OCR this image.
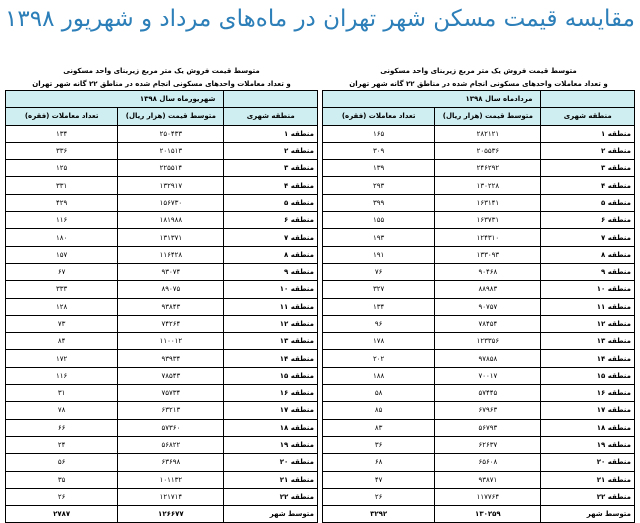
مقایسه قیمت مسکن شهر تهران در ماه‌های مرداد و شهریور ۱۳۹۸
متوسط قیمت فروش یک متر مربع زیربنای واحد مسکونی
و تعداد معاملات واحدهای مسکونی انجام شده در مناطق ۲۲ گانه شهر تهران
	مردادماه سال ۱۳۹۸	
منطقه شهری	متوسط قیمت (هزار ریال)	تعداد معاملات (فقره)
منطقه ۱	۲۸۲۱۲۱	۱۶۵
منطقه ۲	۲۰۵۵۳۶	۳۰۹
منطقه ۳	۲۴۶۲۹۲	۱۳۹
منطقه ۴	۱۳۰۲۲۸	۲۹۳
منطقه ۵	۱۶۳۱۴۱	۳۹۹
منطقه ۶	۱۶۳۷۳۱	۱۵۵
منطقه ۷	۱۲۴۳۱۰	۱۹۳
منطقه ۸	۱۳۳۰۹۳	۱۹۱
منطقه ۹	۹۰۴۶۸	۷۶
منطقه ۱۰	۸۸۹۸۳	۳۲۷
منطقه ۱۱	۹۰۷۵۷	۱۳۴
منطقه ۱۲	۷۸۴۵۴	۹۶
منطقه ۱۳	۱۲۳۳۵۶	۱۷۸
منطقه ۱۴	۹۷۸۵۸	۲۰۲
منطقه ۱۵	۷۰۰۱۷	۱۸۸
منطقه ۱۶	۵۷۴۴۵	۵۸
منطقه ۱۷	۶۷۹۶۳	۸۵
منطقه ۱۸	۵۶۷۹۳	۸۳
منطقه ۱۹	۶۲۶۳۷	۳۶
منطقه ۲۰	۶۵۶۰۸	۶۸
منطقه ۲۱	۹۳۸۷۱	۴۷
منطقه ۲۲	۱۱۷۷۶۴	۲۶
متوسط شهر	۱۳۰۲۵۹	۳۲۹۲
متوسط قیمت فروش یک متر مربع زیربنای واحد مسکونی
و تعداد معاملات واحدهای مسکونی انجام شده در مناطق ۲۲ گانه شهر تهران
	شهریورماه سال ۱۳۹۸	
منطقه شهری	متوسط قیمت (هزار ریال)	تعداد معاملات (فقره)
منطقه ۱	۲۵۰۴۳۳	۱۳۴
منطقه ۲	۲۰۱۵۱۳	۳۳۶
منطقه ۳	۲۲۵۵۱۴	۱۲۵
منطقه ۴	۱۳۲۹۱۷	۳۳۱
منطقه ۵	۱۵۶۷۳۰	۴۲۹
منطقه ۶	۱۸۱۹۸۸	۱۱۶
منطقه ۷	۱۳۱۳۷۱	۱۸۰
منطقه ۸	۱۱۶۴۲۸	۱۵۷
منطقه ۹	۹۳۰۷۴	۶۷
منطقه ۱۰	۸۹۰۷۵	۳۳۳
منطقه ۱۱	۹۳۸۴۳	۱۲۸
منطقه ۱۲	۷۴۲۶۴	۷۳
منطقه ۱۳	۱۱۰۰۱۲	۸۴
منطقه ۱۴	۹۳۹۳۴	۱۷۲
منطقه ۱۵	۷۸۵۴۳	۱۱۶
منطقه ۱۶	۷۵۷۳۴	۳۱
منطقه ۱۷	۶۳۲۱۳	۷۸
منطقه ۱۸	۵۷۳۶۰	۶۶
منطقه ۱۹	۵۶۸۲۲	۲۴
منطقه ۲۰	۶۳۶۹۸	۵۶
منطقه ۲۱	۱۰۱۱۳۲	۳۵
منطقه ۲۲	۱۲۱۷۱۴	۲۶
متوسط شهر	۱۲۶۶۷۷	۲۷۸۷
